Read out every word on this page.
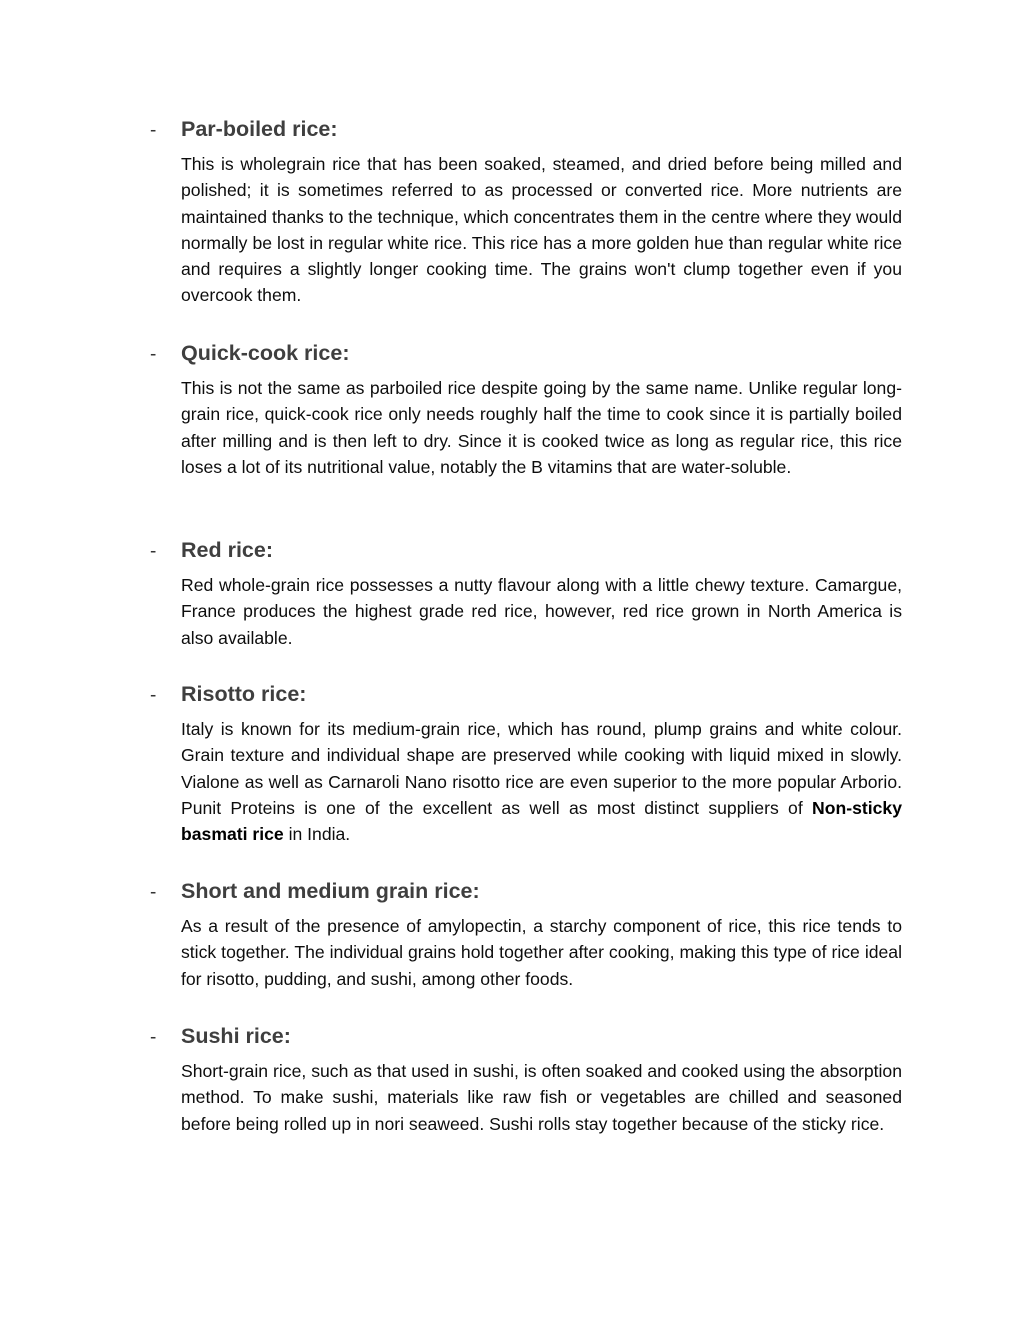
-	Par-boiled rice:

This is wholegrain rice that has been soaked, steamed, and dried before being milled and polished; it is sometimes referred to as processed or converted rice. More nutrients are maintained thanks to the technique, which concentrates them in the centre where they would normally be lost in regular white rice. This rice has a more golden hue than regular white rice and requires a slightly longer cooking time. The grains won't clump together even if you overcook them.

-	Quick-cook rice:

This is not the same as parboiled rice despite going by the same name. Unlike regular long-grain rice, quick-cook rice only needs roughly half the time to cook since it is partially boiled after milling and is then left to dry. Since it is cooked twice as long as regular rice, this rice loses a lot of its nutritional value, notably the B vitamins that are water-soluble.

-	Red rice:

Red whole-grain rice possesses a nutty flavour along with a little chewy texture. Camargue, France produces the highest grade red rice, however, red rice grown in North America is also available.

-	Risotto rice:

Italy is known for its medium-grain rice, which has round, plump grains and white colour. Grain texture and individual shape are preserved while cooking with liquid mixed in slowly. Vialone as well as Carnaroli Nano risotto rice are even superior to the more popular Arborio. Punit Proteins is one of the excellent as well as most distinct suppliers of Non-sticky basmati rice in India.

-	Short and medium grain rice:

As a result of the presence of amylopectin, a starchy component of rice, this rice tends to stick together. The individual grains hold together after cooking, making this type of rice ideal for risotto, pudding, and sushi, among other foods.

-	Sushi rice:

Short-grain rice, such as that used in sushi, is often soaked and cooked using the absorption method. To make sushi, materials like raw fish or vegetables are chilled and seasoned before being rolled up in nori seaweed. Sushi rolls stay together because of the sticky rice.
